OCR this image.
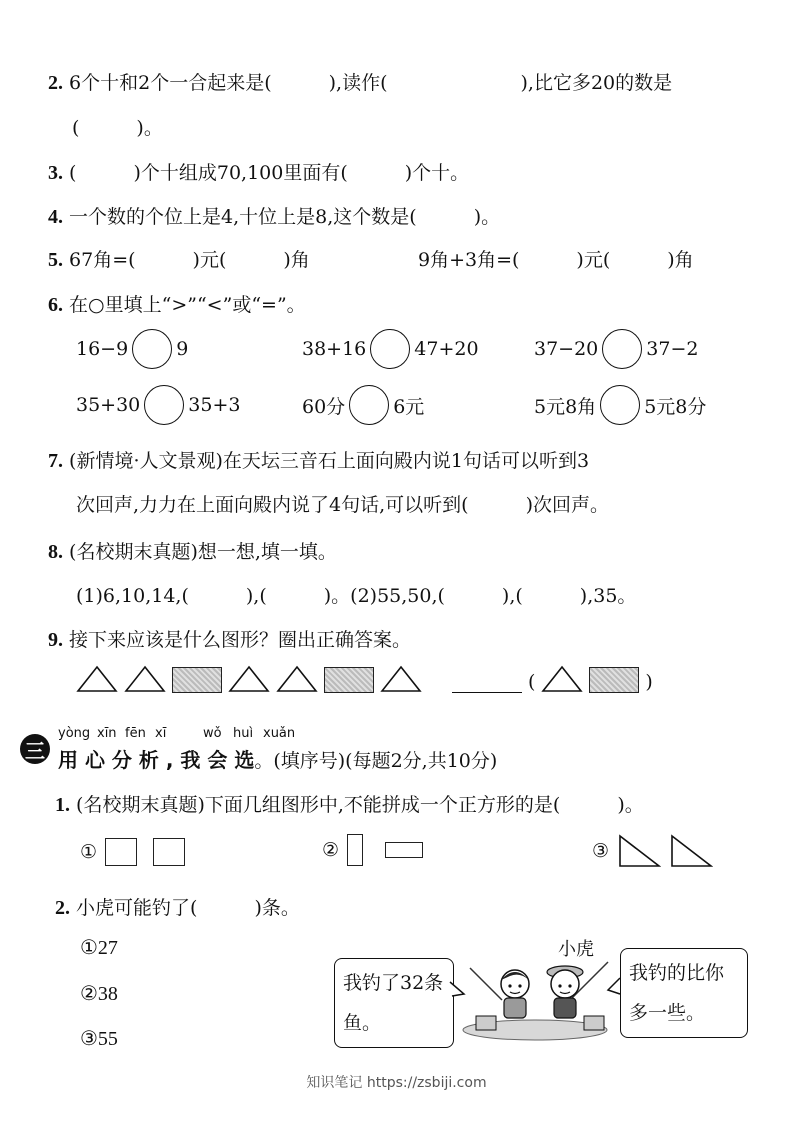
2. 6个十和2个一合起来是(　　　),读作(　　　　　　　),比它多20的数是
(　　　)。
3. (　　　)个十组成70,100里面有(　　　)个十。
4. 一个数的个位上是4,十位上是8,这个数是(　　　)。
5. 67角=(　　　)元(　　　)角	9角+3角=(　　　)元(　　　)角
6. 在○里填上“>”“<”或“=”。
16−9	9	38+16	47+20	37−20	37−2
35+30	35+3	60分	6元	5元8角	5元8分
7. (新情境·人文景观)在天坛三音石上面向殿内说1句话可以听到3
次回声,力力在上面向殿内说了4句话,可以听到(　　　)次回声。
8. (名校期末真题)想一想,填一填。
(1)6,10,14,(　　　),(　　　)。(2)55,50,(　　　),(　　　),35。
9. 接下来应该是什么图形？圈出正确答案。
(	)
三
yòng xīn fēn xī	wǒ huì xuǎn
用 心 分 析 , 我 会 选。(填序号)(每题2分,共10分)
1. (名校期末真题)下面几组图形中,不能拼成一个正方形的是(　　　)。
①	②	③
2. 小虎可能钓了(　　　)条。
①27
②38
③55
小虎
我钓了32条鱼。
我钓的比你多一些。
知识笔记 https://zsbiji.com
